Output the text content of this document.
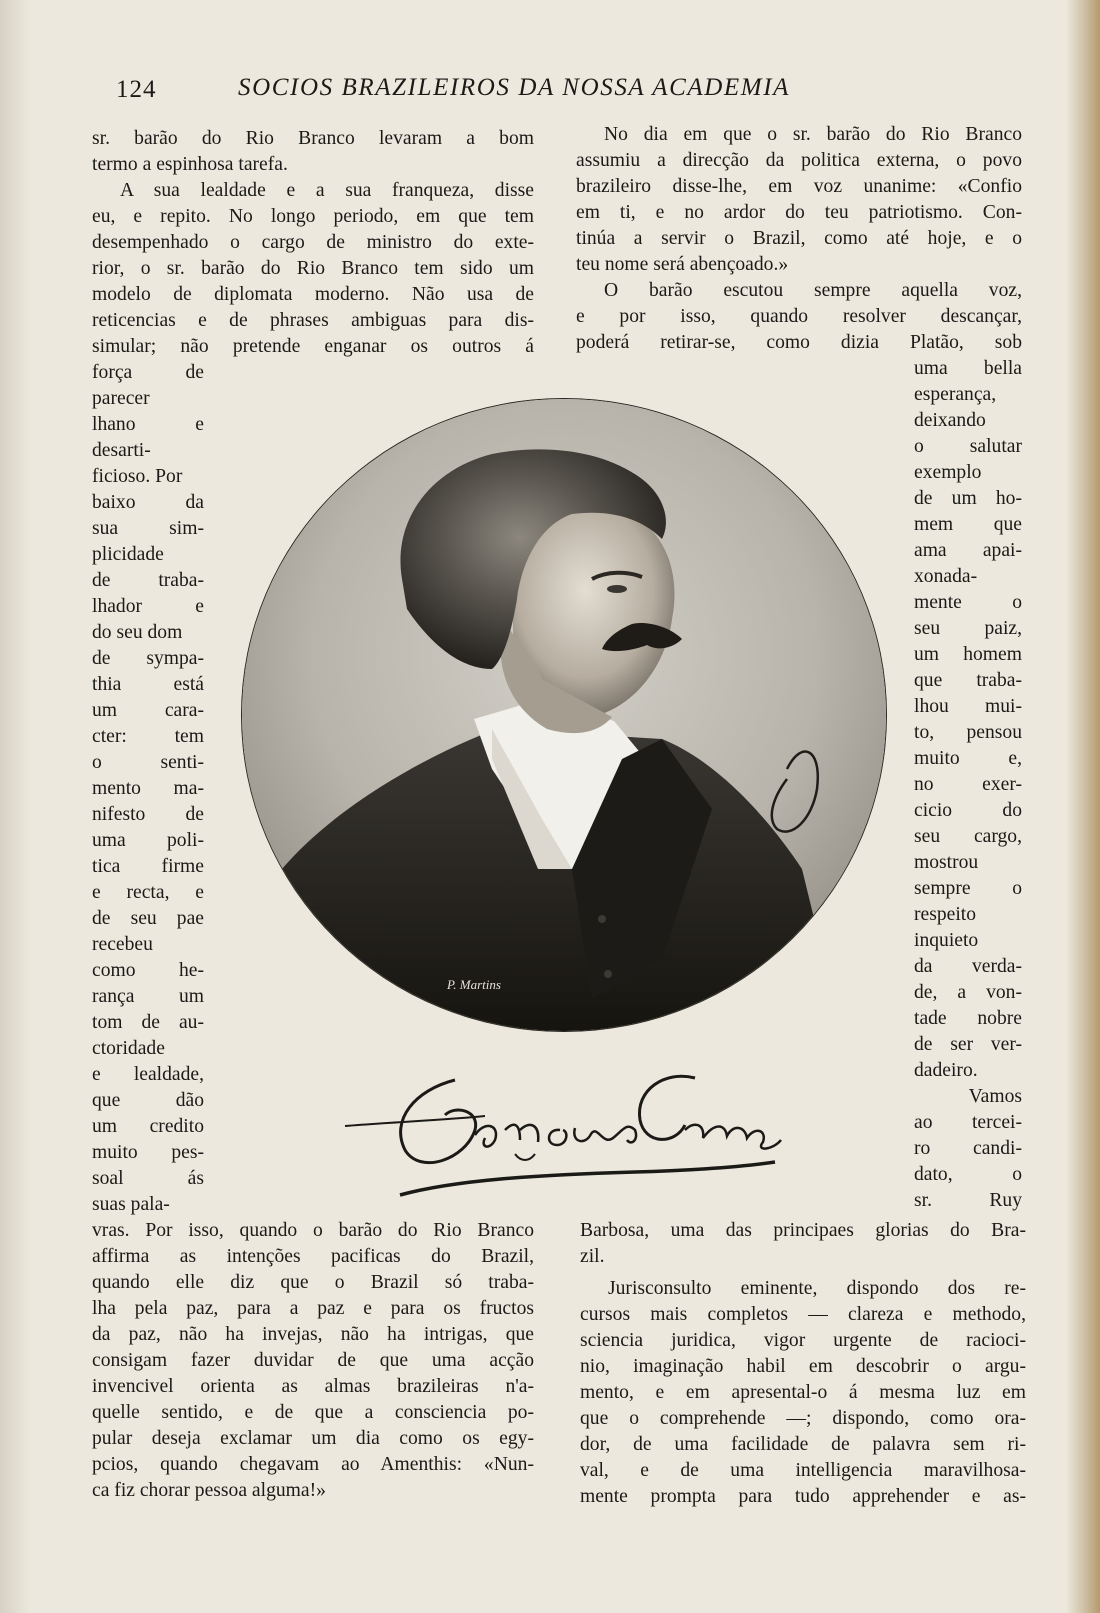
124	SOCIOS BRAZILEIROS DA NOSSA ACADEMIA
sr. barão do Rio Branco levaram a bom
termo a espinhosa tarefa.
A sua lealdade e a sua franqueza, disse
eu, e repito. No longo periodo, em que tem
desempenhado o cargo de ministro do exte-
rior, o sr. barão do Rio Branco tem sido um
modelo de diplomata moderno. Não usa de
reticencias e de phrases ambiguas para dis-
simular; não pretende enganar os outros á
No dia em que o sr. barão do Rio Branco
assumiu a direcção da politica externa, o povo
brazileiro disse-lhe, em voz unanime: «Confio
em ti, e no ardor do teu patriotismo. Con-
tinúa a servir o Brazil, como até hoje, e o
teu nome será abençoado.»
O barão escutou sempre aquella voz,
e por isso, quando resolver descançar,
poderá retirar-se, como dizia Platão, sob
força de
parecer
lhano e
desarti-
ficioso. Por
baixo da
sua sim-
plicidade
de traba-
lhador e
do seu dom
de sympa-
thia está
um cara-
cter: tem
o senti-
mento ma-
nifesto de
uma poli-
tica firme
e recta, e
de seu pae
recebeu
como he-
rança um
tom de au-
ctoridade
e lealdade,
que dão
um credito
muito pes-
soal ás
suas pala-
uma bella
esperança,
deixando
o salutar
exemplo
de um ho-
mem que
ama apai-
xonada-
mente o
seu paiz,
um homem
que traba-
lhou mui-
to, pensou
muito e,
no exer-
cicio do
seu cargo,
mostrou
sempre o
respeito
inquieto
da verda-
de, a von-
tade nobre
de ser ver-
dadeiro.
Vamos
ao tercei-
ro candi-
dato, o
sr. Ruy
P. Martins
vras. Por isso, quando o barão do Rio Branco
affirma as intenções pacificas do Brazil,
quando elle diz que o Brazil só traba-
lha pela paz, para a paz e para os fructos
da paz, não ha invejas, não ha intrigas, que
consigam fazer duvidar de que uma acção
invencivel orienta as almas brazileiras n'a-
quelle sentido, e de que a consciencia po-
pular deseja exclamar um dia como os egy-
pcios, quando chegavam ao Amenthis: «Nun-
ca fiz chorar pessoa alguma!»
Barbosa, uma das principaes glorias do Bra-
zil.
Jurisconsulto eminente, dispondo dos re-
cursos mais completos — clareza e methodo,
sciencia juridica, vigor urgente de racioci-
nio, imaginação habil em descobrir o argu-
mento, e em apresental-o á mesma luz em
que o comprehende —; dispondo, como ora-
dor, de uma facilidade de palavra sem ri-
val, e de uma intelligencia maravilhosa-
mente prompta para tudo apprehender e as-
